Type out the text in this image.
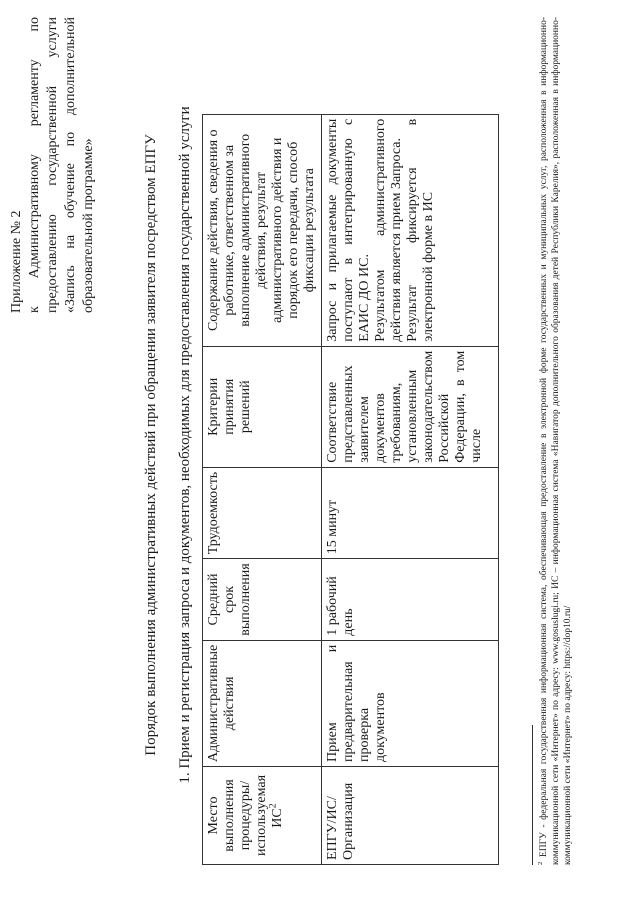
Приложение № 2 к Административному регламенту по предоставлению государственной услуги «Запись на обучение по дополнительной образовательной программе»	Порядок выполнения административных действий при обращении заявителя посредством ЕПГУ 1. Прием и регистрация запроса и документов, необходимых для предоставления государственной услуги
Место выполнения процедуры/ используемая $ИС^2$	Административные действия	Средний срок выполнения	Трудоемкость	Критерии принятия решений	Содержание действия, сведения о работнике, ответственном за выполнение административного действия, результат административного действия и порядок его передачи, способ фиксации результата
ЕПГУ/ИС/Организация	Прием и предварительная проверка документов	1 рабочий день	15 минут	Соответствие представленных заявителем документов требованиям, установленным законодательством Российской Федерации, в том числе	Запрос и прилагаемые документы поступают в интегрированную с ЕАИС ДО ИС. Результатом административного действия является прием Запроса. Результат фиксируется в электронной форме в ИС
$^2$ ЕПГУ - федеральная государственная информационная система, обеспечивающая предоставление в электронной форме государственных и муниципальных услуг, расположенная в информационно-коммуникационной сети «Интернет» по адресу: www.gosuslugi.ru; ИС – информационная система «Навигатор дополнительного образования детей Республики Карелия», расположенная в информационно-коммуникационной сети «Интернет» по адресу: https://dop10.ru/
